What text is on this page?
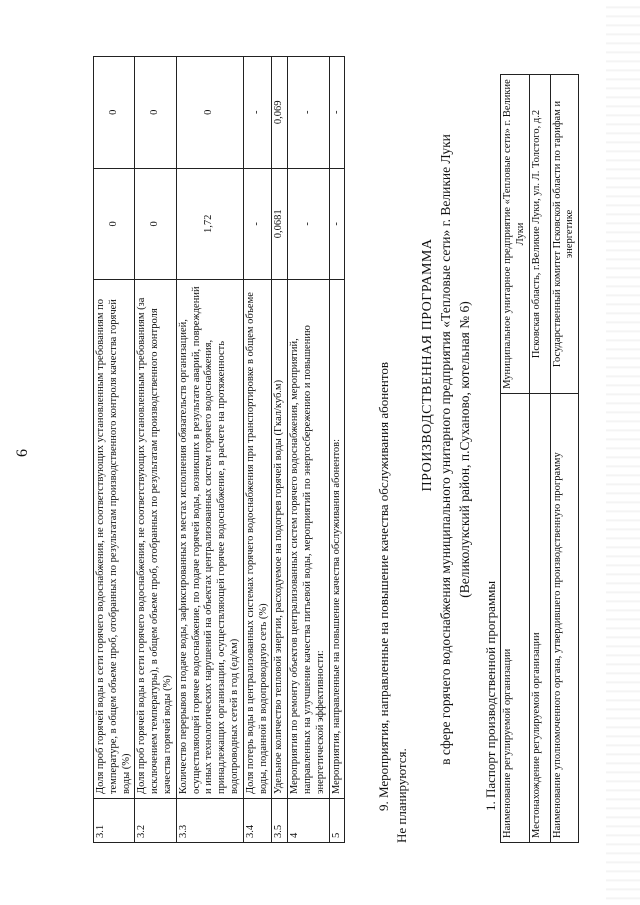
6
3.1	Доля проб горячей воды в сети горячего водоснабжения, не соответствующих установленным требованиям по температуре, в общем объеме проб, отобранных по результатам производственного контроля качества горячей воды (%)	0	0
3.2	Доля проб горячей воды в сети горячего водоснабжения, не соответствующих установленным требованиям (за исключением температуры), в общем объеме проб, отобранных по результатам производственного контроля качества горячей воды (%)	0	0
3.3	Количество перерывов в подаче воды, зафиксированных в местах исполнения обязательств организацией, осуществляющей горячее водоснабжение, по подаче горячей воды, возникших в результате аварий, повреждений и иных технологических нарушений на объектах централизованных систем горячего водоснабжения, принадлежащих организации, осуществляющей горячее водоснабжение, в расчете на протяженность водопроводных сетей в год (ед/км)	1,72	0
3.4	Доля потерь воды в централизованных системах горячего водоснабжения при транспортировке в общем объеме воды, поданной в водопроводную сеть (%)	-	-
3.5	Удельное количество тепловой энергии, расходуемое на подогрев горячей воды (Гкал/куб.м)	0,0681	0,069
4	Мероприятия по ремонту объектов централизованных систем горячего водоснабжения, мероприятий, направленных на улучшение качества питьевой воды, мероприятий по энергосбережению и повышению энергетической эффективности:	-	-
5	Мероприятия, направленные на повышение качества обслуживания абонентов:	-	-
9. Мероприятия, направленные на повышение качества обслуживания абонентов Не планируются.
ПРОИЗВОДСТВЕННАЯ ПРОГРАММА в сфере горячего водоснабжения муниципального унитарного предприятия «Тепловые сети» г. Великие Луки (Великолукский район, п.Суханово, котельная № 6)
1. Паспорт производственной программы Наименование регулируемой организации	Муниципальное унитарное предприятие «Тепловые сети» г. Великие Луки
Местонахождение регулируемой организации	Псковская область, г.Великие Луки, ул. Л. Толстого, д.2
Наименование уполномоченного органа, утвердившего производственную программу	Государственный комитет Псковской области по тарифам и энергетике
